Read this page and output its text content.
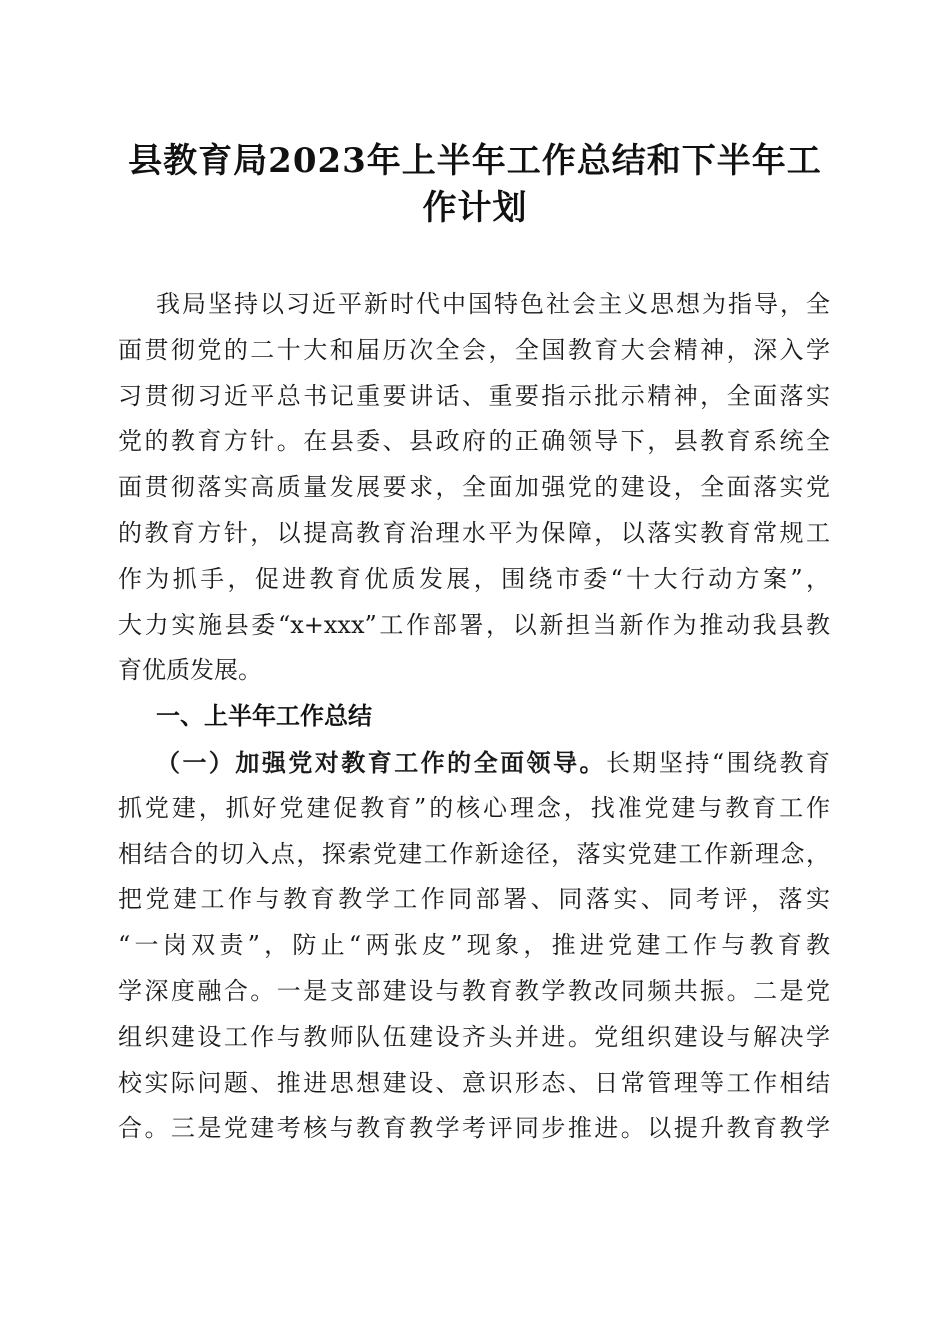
县教育局2023年上半年工作总结和下半年工
作计划
我局坚持以习近平新时代中国特色社会主义思想为指导，全
面贯彻党的二十大和届历次全会，全国教育大会精神，深入学
习贯彻习近平总书记重要讲话、重要指示批示精神，全面落实
党的教育方针。在县委、县政府的正确领导下，县教育系统全
面贯彻落实高质量发展要求，全面加强党的建设，全面落实党
的教育方针，以提高教育治理水平为保障，以落实教育常规工
作为抓手，促进教育优质发展，围绕市委“十大行动方案”，
大力实施县委“x+xxx”工作部署，以新担当新作为推动我县教
育优质发展。
一、上半年工作总结
（一）加强党对教育工作的全面领导。长期坚持“围绕教育
抓党建，抓好党建促教育”的核心理念，找准党建与教育工作
相结合的切入点，探索党建工作新途径，落实党建工作新理念，
把党建工作与教育教学工作同部署、同落实、同考评，落实
“一岗双责”，防止“两张皮”现象，推进党建工作与教育教
学深度融合。一是支部建设与教育教学教改同频共振。二是党
组织建设工作与教师队伍建设齐头并进。党组织建设与解决学
校实际问题、推进思想建设、意识形态、日常管理等工作相结
合。三是党建考核与教育教学考评同步推进。以提升教育教学
